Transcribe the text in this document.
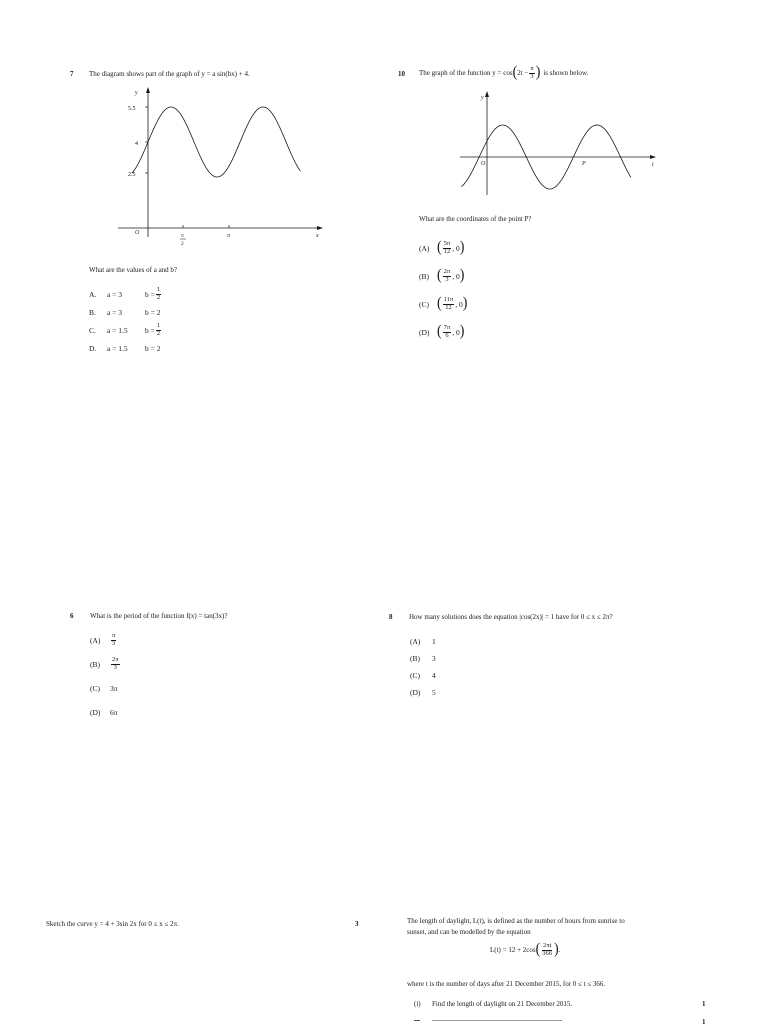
7 The diagram shows part of the graph of y = a sin(bx) + 4.
y
5.5
4
2.5
O	π
2
π	x
What are the values of a and b?
A.	a = 3	$b = \frac{1}{2}$
B.	a = 3	b = 2
C.	a = 1.5	$b = \frac{1}{2}$
D.	a = 1.5	b = 2
10 The graph of the function y = cos ( $2t - \frac{\pi}{3}$ ) is shown below.
y
O	P	t
What are the coordinates of the point P?
(A) ( $\frac{5\pi}{12}$ , 0 )
(B) ( $\frac{2\pi}{3}$ , 0 )
(C) ( $\frac{11\pi}{12}$ , 0 )
(D) ( $\frac{7\pi}{6}$ , 0 )
6 What is the period of the function f(x) = tan(3x)?
(A)	$\frac{\pi}{3}$
(B)	$\frac{2\pi}{3}$
(C)	3π
(D)	6π
8 How many solutions does the equation |cos(2x)| = 1 have for 0 ≤ x ≤ 2π?
(A)	1
(B)	3
(C)	4
(D)	5
Sketch the curve y = 4 + 3sin 2x for 0 ≤ x ≤ 2π.	3	The length of daylight, L(t), is defined as the number of hours from sunrise to
sunset, and can be modelled by the equation
L(t) = 12 + 2cos ( $\frac{2\pi t}{366}$ ) .
where t is the number of days after 21 December 2015, for 0 ≤ t ≤ 366.
(i) Find the length of daylight on 21 December 2015.	1
1
